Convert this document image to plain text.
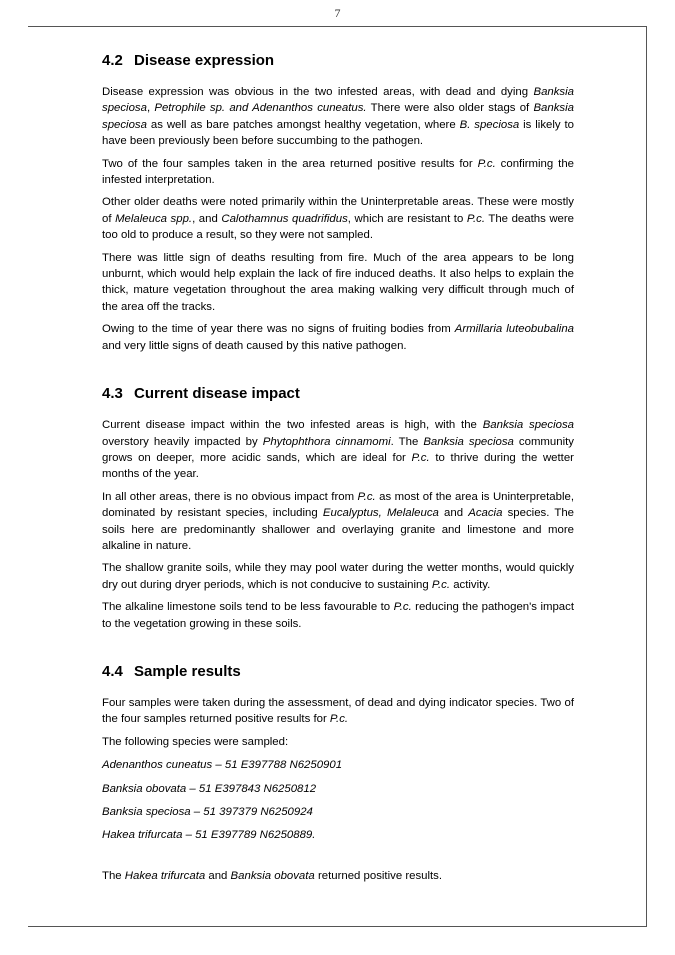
7
4.2 Disease expression

Disease expression was obvious in the two infested areas, with dead and dying Banksia speciosa, Petrophile sp. and Adenanthos cuneatus. There were also older stags of Banksia speciosa as well as bare patches amongst healthy vegetation, where B. speciosa is likely to have been previously been before succumbing to the pathogen.

Two of the four samples taken in the area returned positive results for P.c. confirming the infested interpretation.

Other older deaths were noted primarily within the Uninterpretable areas. These were mostly of Melaleuca spp., and Calothamnus quadrifidus, which are resistant to P.c. The deaths were too old to produce a result, so they were not sampled.

There was little sign of deaths resulting from fire. Much of the area appears to be long unburnt, which would help explain the lack of fire induced deaths. It also helps to explain the thick, mature vegetation throughout the area making walking very difficult through much of the area off the tracks.

Owing to the time of year there was no signs of fruiting bodies from Armillaria luteobubalina and very little signs of death caused by this native pathogen.

4.3 Current disease impact

Current disease impact within the two infested areas is high, with the Banksia speciosa overstory heavily impacted by Phytophthora cinnamomi. The Banksia speciosa community grows on deeper, more acidic sands, which are ideal for P.c. to thrive during the wetter months of the year.

In all other areas, there is no obvious impact from P.c. as most of the area is Uninterpretable, dominated by resistant species, including Eucalyptus, Melaleuca and Acacia species. The soils here are predominantly shallower and overlaying granite and limestone and more alkaline in nature.

The shallow granite soils, while they may pool water during the wetter months, would quickly dry out during dryer periods, which is not conducive to sustaining P.c. activity.

The alkaline limestone soils tend to be less favourable to P.c. reducing the pathogen's impact to the vegetation growing in these soils.

4.4 Sample results

Four samples were taken during the assessment, of dead and dying indicator species. Two of the four samples returned positive results for P.c.

The following species were sampled:

Adenanthos cuneatus – 51 E397788 N6250901

Banksia obovata – 51 E397843 N6250812

Banksia speciosa – 51 397379 N6250924

Hakea trifurcata – 51 E397789 N6250889.

The Hakea trifurcata and Banksia obovata returned positive results.
